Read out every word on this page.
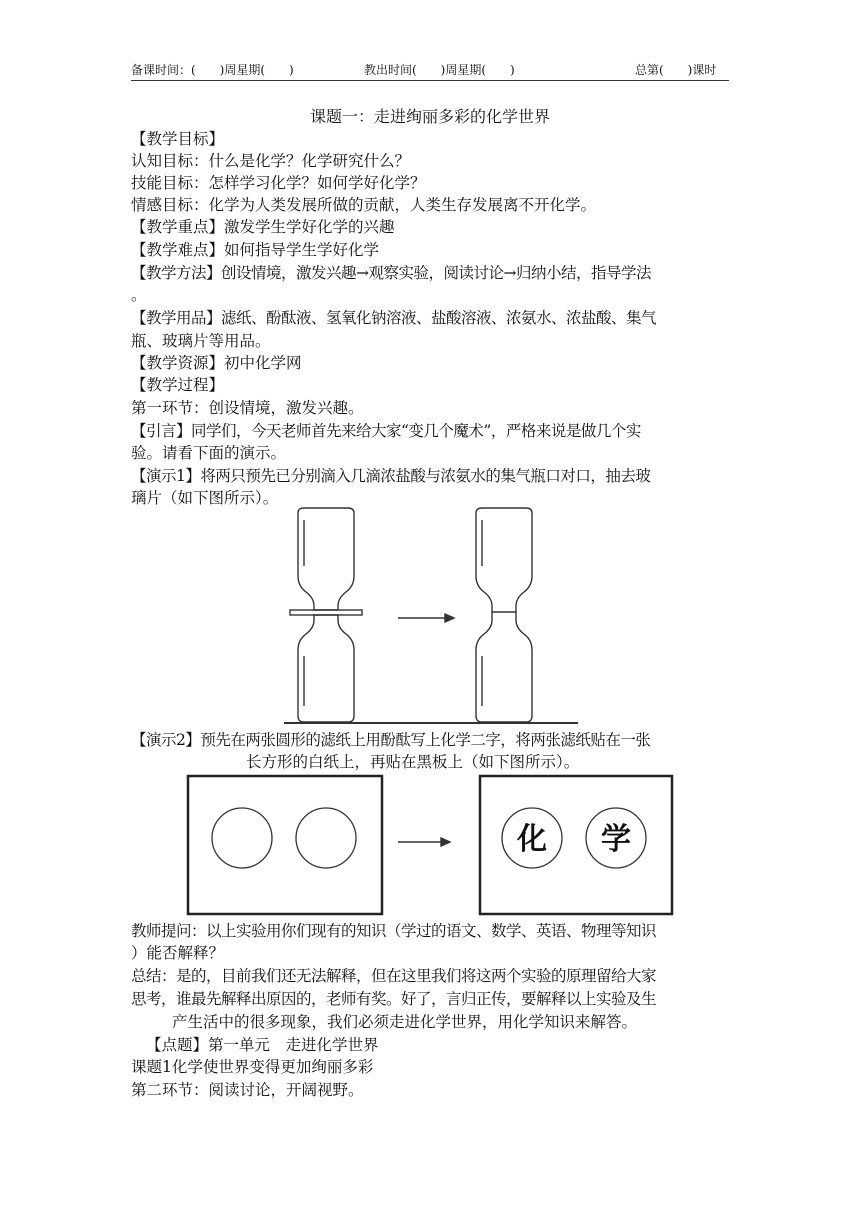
备课时间：(　　)周星期(　　)	教出时间(　　)周星期(　　)	总第(　　)课时
课题一：走进绚丽多彩的化学世界
【教学目标】
认知目标：什么是化学？化学研究什么？
技能目标：怎样学习化学？如何学好化学？
情感目标：化学为人类发展所做的贡献，人类生存发展离不开化学。
【教学重点】激发学生学好化学的兴趣
【教学难点】如何指导学生学好化学
【教学方法】创设情境，激发兴趣→观察实验，阅读讨论→归纳小结，指导学法
。
【教学用品】滤纸、酚酞液、氢氧化钠溶液、盐酸溶液、浓氨水、浓盐酸、集气
瓶、玻璃片等用品。
【教学资源】初中化学网
【教学过程】
第一环节：创设情境，激发兴趣。
【引言】同学们，今天老师首先来给大家“变几个魔术”，严格来说是做几个实
验。请看下面的演示。
【演示1】将两只预先已分别滴入几滴浓盐酸与浓氨水的集气瓶口对口，抽去玻
璃片（如下图所示）。
【演示2】预先在两张圆形的滤纸上用酚酞写上化学二字，将两张滤纸贴在一张
长方形的白纸上，再贴在黑板上（如下图所示）。
化 学
教师提问：以上实验用你们现有的知识（学过的语文、数学、英语、物理等知识
）能否解释？
总结：是的，目前我们还无法解释，但在这里我们将这两个实验的原理留给大家
思考，谁最先解释出原因的，老师有奖。好了，言归正传，要解释以上实验及生
产生活中的很多现象，我们必须走进化学世界，用化学知识来解答。
【点题】第一单元　走进化学世界
课题1化学使世界变得更加绚丽多彩
第二环节：阅读讨论，开阔视野。
